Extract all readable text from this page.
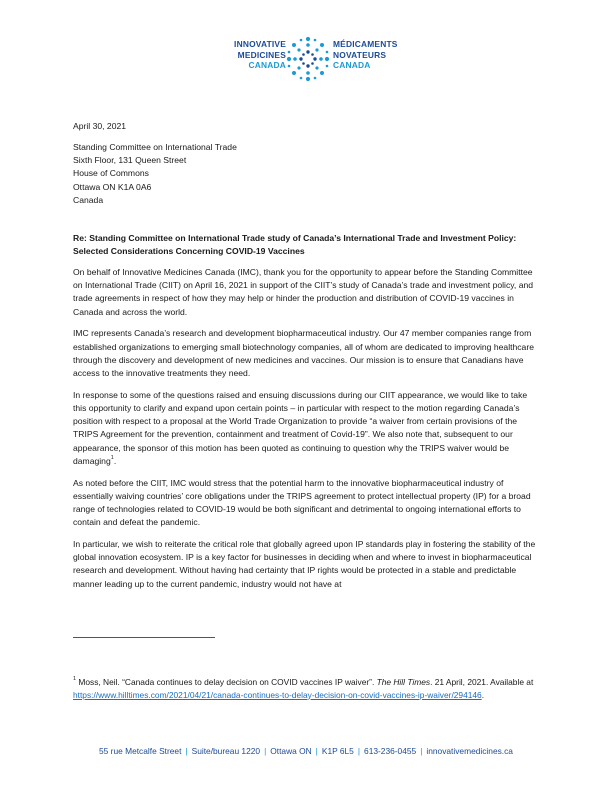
INNOVATIVE
MEDICINES
CANADA
MÉDICAMENTS
NOVATEURS
CANADA
April 30, 2021
Standing Committee on International Trade
Sixth Floor, 131 Queen Street
House of Commons
Ottawa ON K1A 0A6
Canada
Re: Standing Committee on International Trade study of Canada’s International Trade and Investment Policy: Selected Considerations Concerning COVID-19 Vaccines

On behalf of Innovative Medicines Canada (IMC), thank you for the opportunity to appear before the Standing Committee on International Trade (CIIT) on April 16, 2021 in support of the CIIT’s study of Canada’s trade and investment policy, and trade agreements in respect of how they may help or hinder the production and distribution of COVID-19 vaccines in Canada and across the world.

IMC represents Canada’s research and development biopharmaceutical industry. Our 47 member companies range from established organizations to emerging small biotechnology companies, all of whom are dedicated to improving healthcare through the discovery and development of new medicines and vaccines. Our mission is to ensure that Canadians have access to the innovative treatments they need.

In response to some of the questions raised and ensuing discussions during our CIIT appearance, we would like to take this opportunity to clarify and expand upon certain points – in particular with respect to the motion regarding Canada’s position with respect to a proposal at the World Trade Organization to provide “a waiver from certain provisions of the TRIPS Agreement for the prevention, containment and treatment of Covid-19”. We also note that, subsequent to our appearance, the sponsor of this motion has been quoted as continuing to question why the TRIPS waiver would be damaging$^1$.

As noted before the CIIT, IMC would stress that the potential harm to the innovative biopharmaceutical industry of essentially waiving countries’ core obligations under the TRIPS agreement to protect intellectual property (IP) for a broad range of technologies related to COVID-19 would be both significant and detrimental to ongoing international efforts to contain and defeat the pandemic.

In particular, we wish to reiterate the critical role that globally agreed upon IP standards play in fostering the stability of the global innovation ecosystem. IP is a key factor for businesses in deciding when and where to invest in biopharmaceutical research and development. Without having had certainty that IP rights would be protected in a stable and predictable manner leading up to the current pandemic, industry would not have at

$^1$ Moss, Neil. “Canada continues to delay decision on COVID vaccines IP waiver”. The Hill Times. 21 April, 2021. Available at https://www.hilltimes.com/2021/04/21/canada-continues-to-delay-decision-on-covid-vaccines-ip-waiver/294146.
55 rue Metcalfe Street | Suite/bureau 1220 | Ottawa ON | K1P 6L5 | 613-236-0455 | innovativemedicines.ca
